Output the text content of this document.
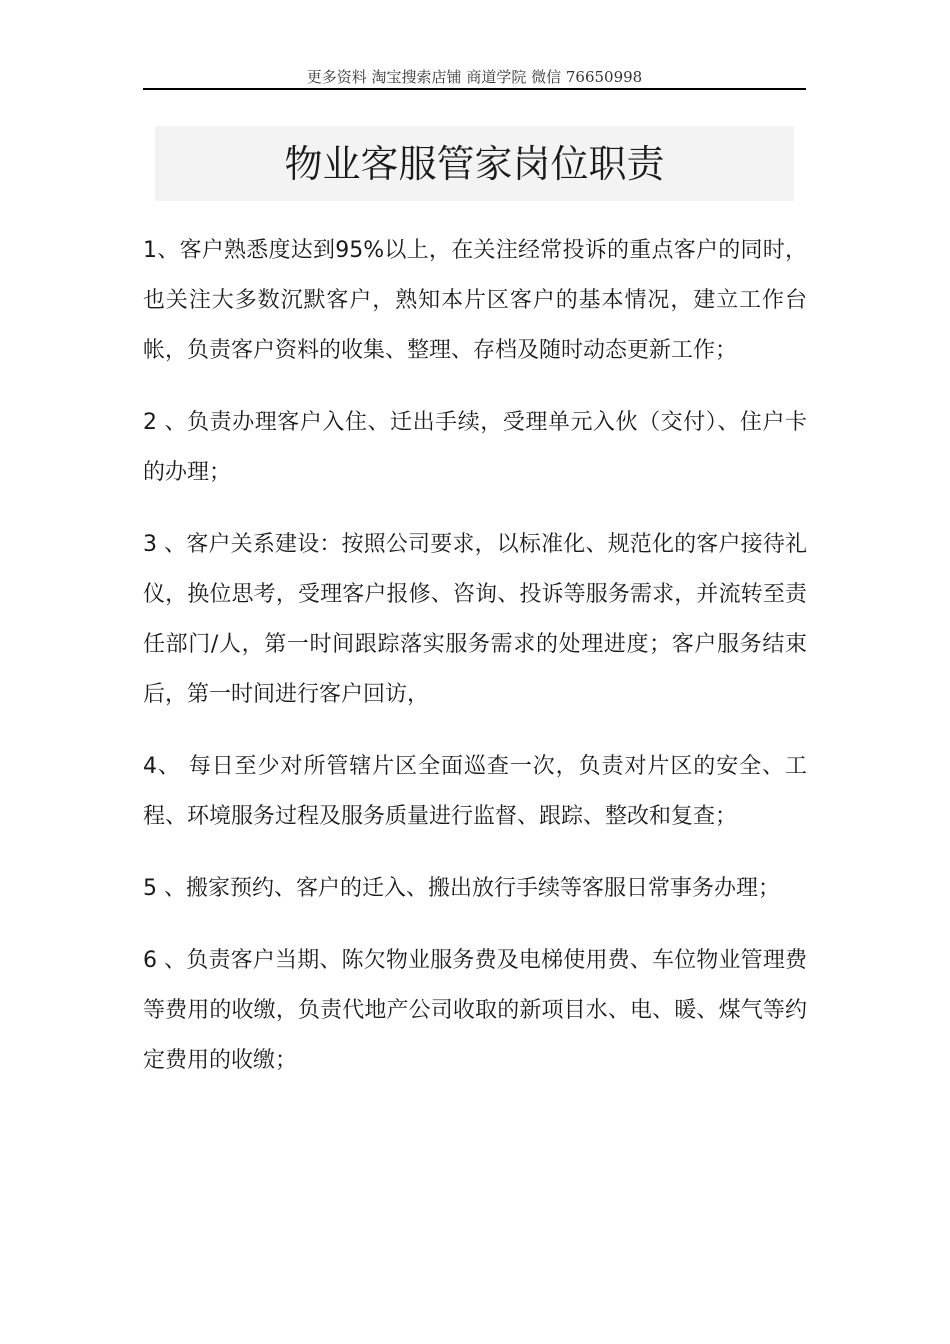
更多资料 淘宝搜索店铺 商道学院 微信 76650998
物业客服管家岗位职责

1、客户熟悉度达到95%以上，在关注经常投诉的重点客户的同时，也关注大多数沉默客户，熟知本片区客户的基本情况，建立工作台帐，负责客户资料的收集、整理、存档及随时动态更新工作；

2 、负责办理客户入住、迁出手续，受理单元入伙（交付）、住户卡的办理；

3 、客户关系建设：按照公司要求，以标准化、规范化的客户接待礼仪，换位思考，受理客户报修、咨询、投诉等服务需求，并流转至责任部门/人，第一时间跟踪落实服务需求的处理进度；客户服务结束后，第一时间进行客户回访，

4、 每日至少对所管辖片区全面巡查一次，负责对片区的安全、工程、环境服务过程及服务质量进行监督、跟踪、整改和复查；

5 、搬家预约、客户的迁入、搬出放行手续等客服日常事务办理；

6 、负责客户当期、陈欠物业服务费及电梯使用费、车位物业管理费等费用的收缴，负责代地产公司收取的新项目水、电、暖、煤气等约定费用的收缴；
